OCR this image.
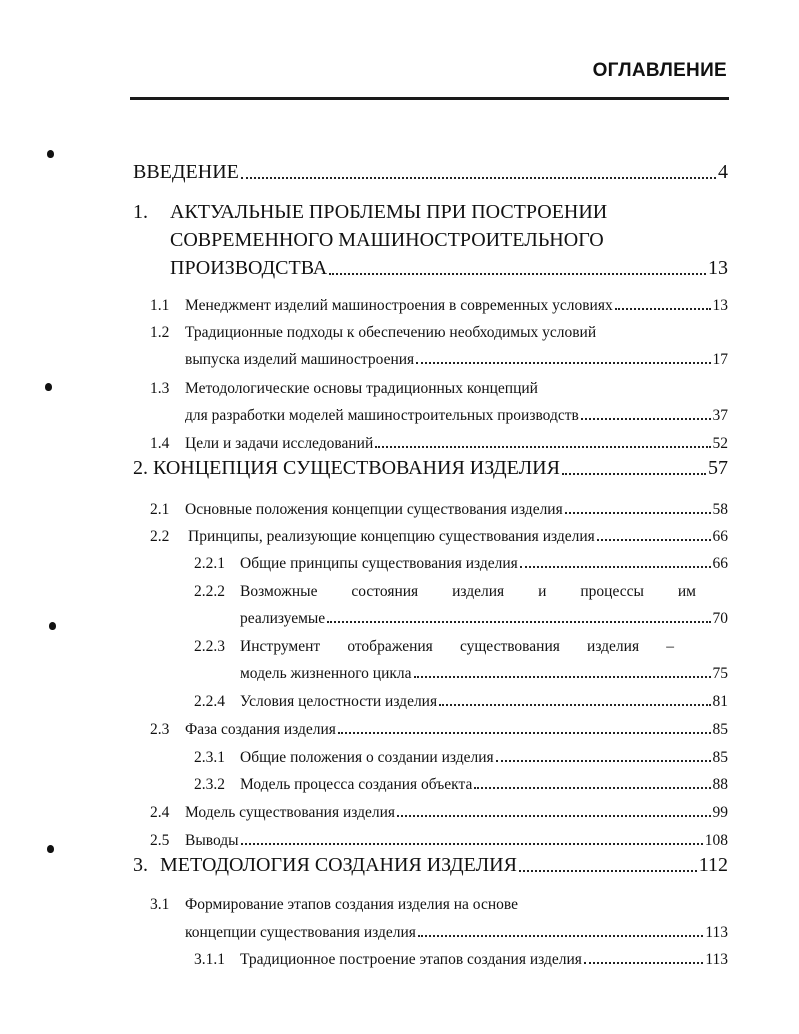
ОГЛАВЛЕНИЕ
ВВЕДЕНИЕ	4
1.	АКТУАЛЬНЫЕ ПРОБЛЕМЫ ПРИ ПОСТРОЕНИИ
СОВРЕМЕННОГО МАШИНОСТРОИТЕЛЬНОГО
ПРОИЗВОДСТВА	13
1.1	Менеджмент изделий машиностроения в современных условиях	13
1.2	Традиционные подходы к обеспечению необходимых условий
выпуска изделий машиностроения	17
1.3	Методологические основы традиционных концепций
для разработки моделей машиностроительных производств	37
1.4	Цели и задачи исследований	52
2. КОНЦЕПЦИЯ СУЩЕСТВОВАНИЯ ИЗДЕЛИЯ	57
2.1	Основные положения концепции существования изделия	58
2.2	Принципы, реализующие концепцию существования изделия	66
2.2.1 Общие принципы существования изделия	66
2.2.2 Возможные состояния изделия и процессы им
реализуемые	70
2.2.3 Инструмент отображения существования изделия –
модель жизненного цикла	75
2.2.4 Условия целостности изделия	81
2.3	Фаза создания изделия	85
2.3.1 Общие положения о создании изделия	85
2.3.2 Модель процесса создания объекта	88
2.4	Модель существования изделия	99
2.5	Выводы	108
3. МЕТОДОЛОГИЯ СОЗДАНИЯ ИЗДЕЛИЯ	112
3.1	Формирование этапов создания изделия на основе
концепции существования изделия	113
3.1.1 Традиционное построение этапов создания изделия	113
